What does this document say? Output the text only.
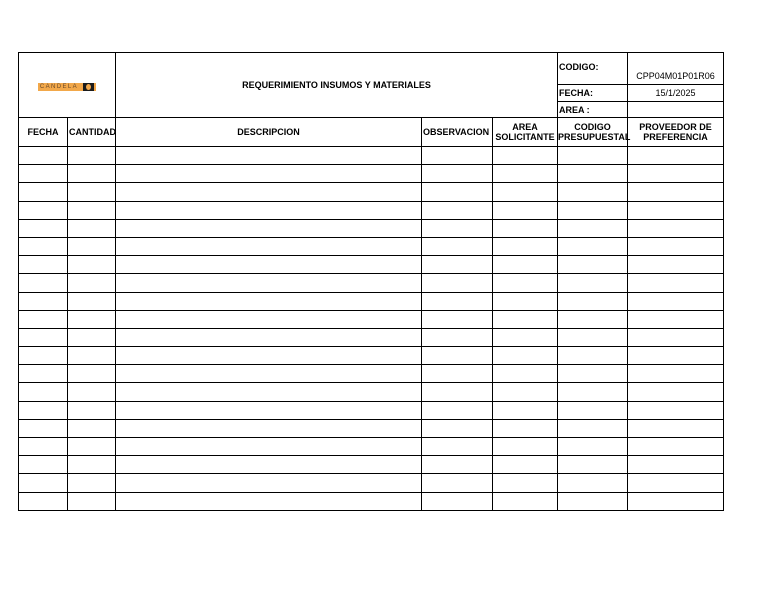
CANDELA		REQUERIMIENTO INSUMOS Y MATERIALES			CODIGO:	CPP04M01P01R06
					FECHA:	15/1/2025
					AREA :	
FECHA	CANTIDAD	DESCRIPCION	OBSERVACION	AREA SOLICITANTE	CODIGO PRESUPUESTAL	PROVEEDOR DE PREFERENCIA
